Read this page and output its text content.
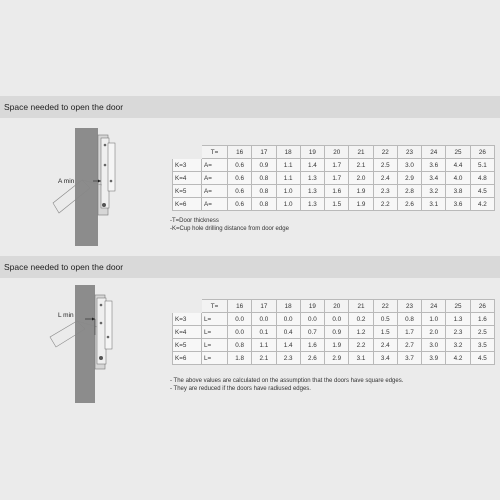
Space needed to open the door
A min
	T=	16	17	18	19	20	21	22	23	24	25	26
K=3	A=	0.6	0.9	1.1	1.4	1.7	2.1	2.5	3.0	3.6	4.4	5.1
K=4	A=	0.6	0.8	1.1	1.3	1.7	2.0	2.4	2.9	3.4	4.0	4.8
K=5	A=	0.6	0.8	1.0	1.3	1.6	1.9	2.3	2.8	3.2	3.8	4.5
K=6	A=	0.6	0.8	1.0	1.3	1.5	1.9	2.2	2.6	3.1	3.6	4.2
-T=Door thickness
-K=Cup hole drilling distance from door edge
Space needed to open the door
L min
	T=	16	17	18	19	20	21	22	23	24	25	26
K=3	L=	0.0	0.0	0.0	0.0	0.0	0.2	0.5	0.8	1.0	1.3	1.6
K=4	L=	0.0	0.1	0.4	0.7	0.9	1.2	1.5	1.7	2.0	2.3	2.5
K=5	L=	0.8	1.1	1.4	1.6	1.9	2.2	2.4	2.7	3.0	3.2	3.5
K=6	L=	1.8	2.1	2.3	2.6	2.9	3.1	3.4	3.7	3.9	4.2	4.5
- The above values are calculated on the assumption that the doors have square edges.
- They are reduced if the doors have radiused edges.
